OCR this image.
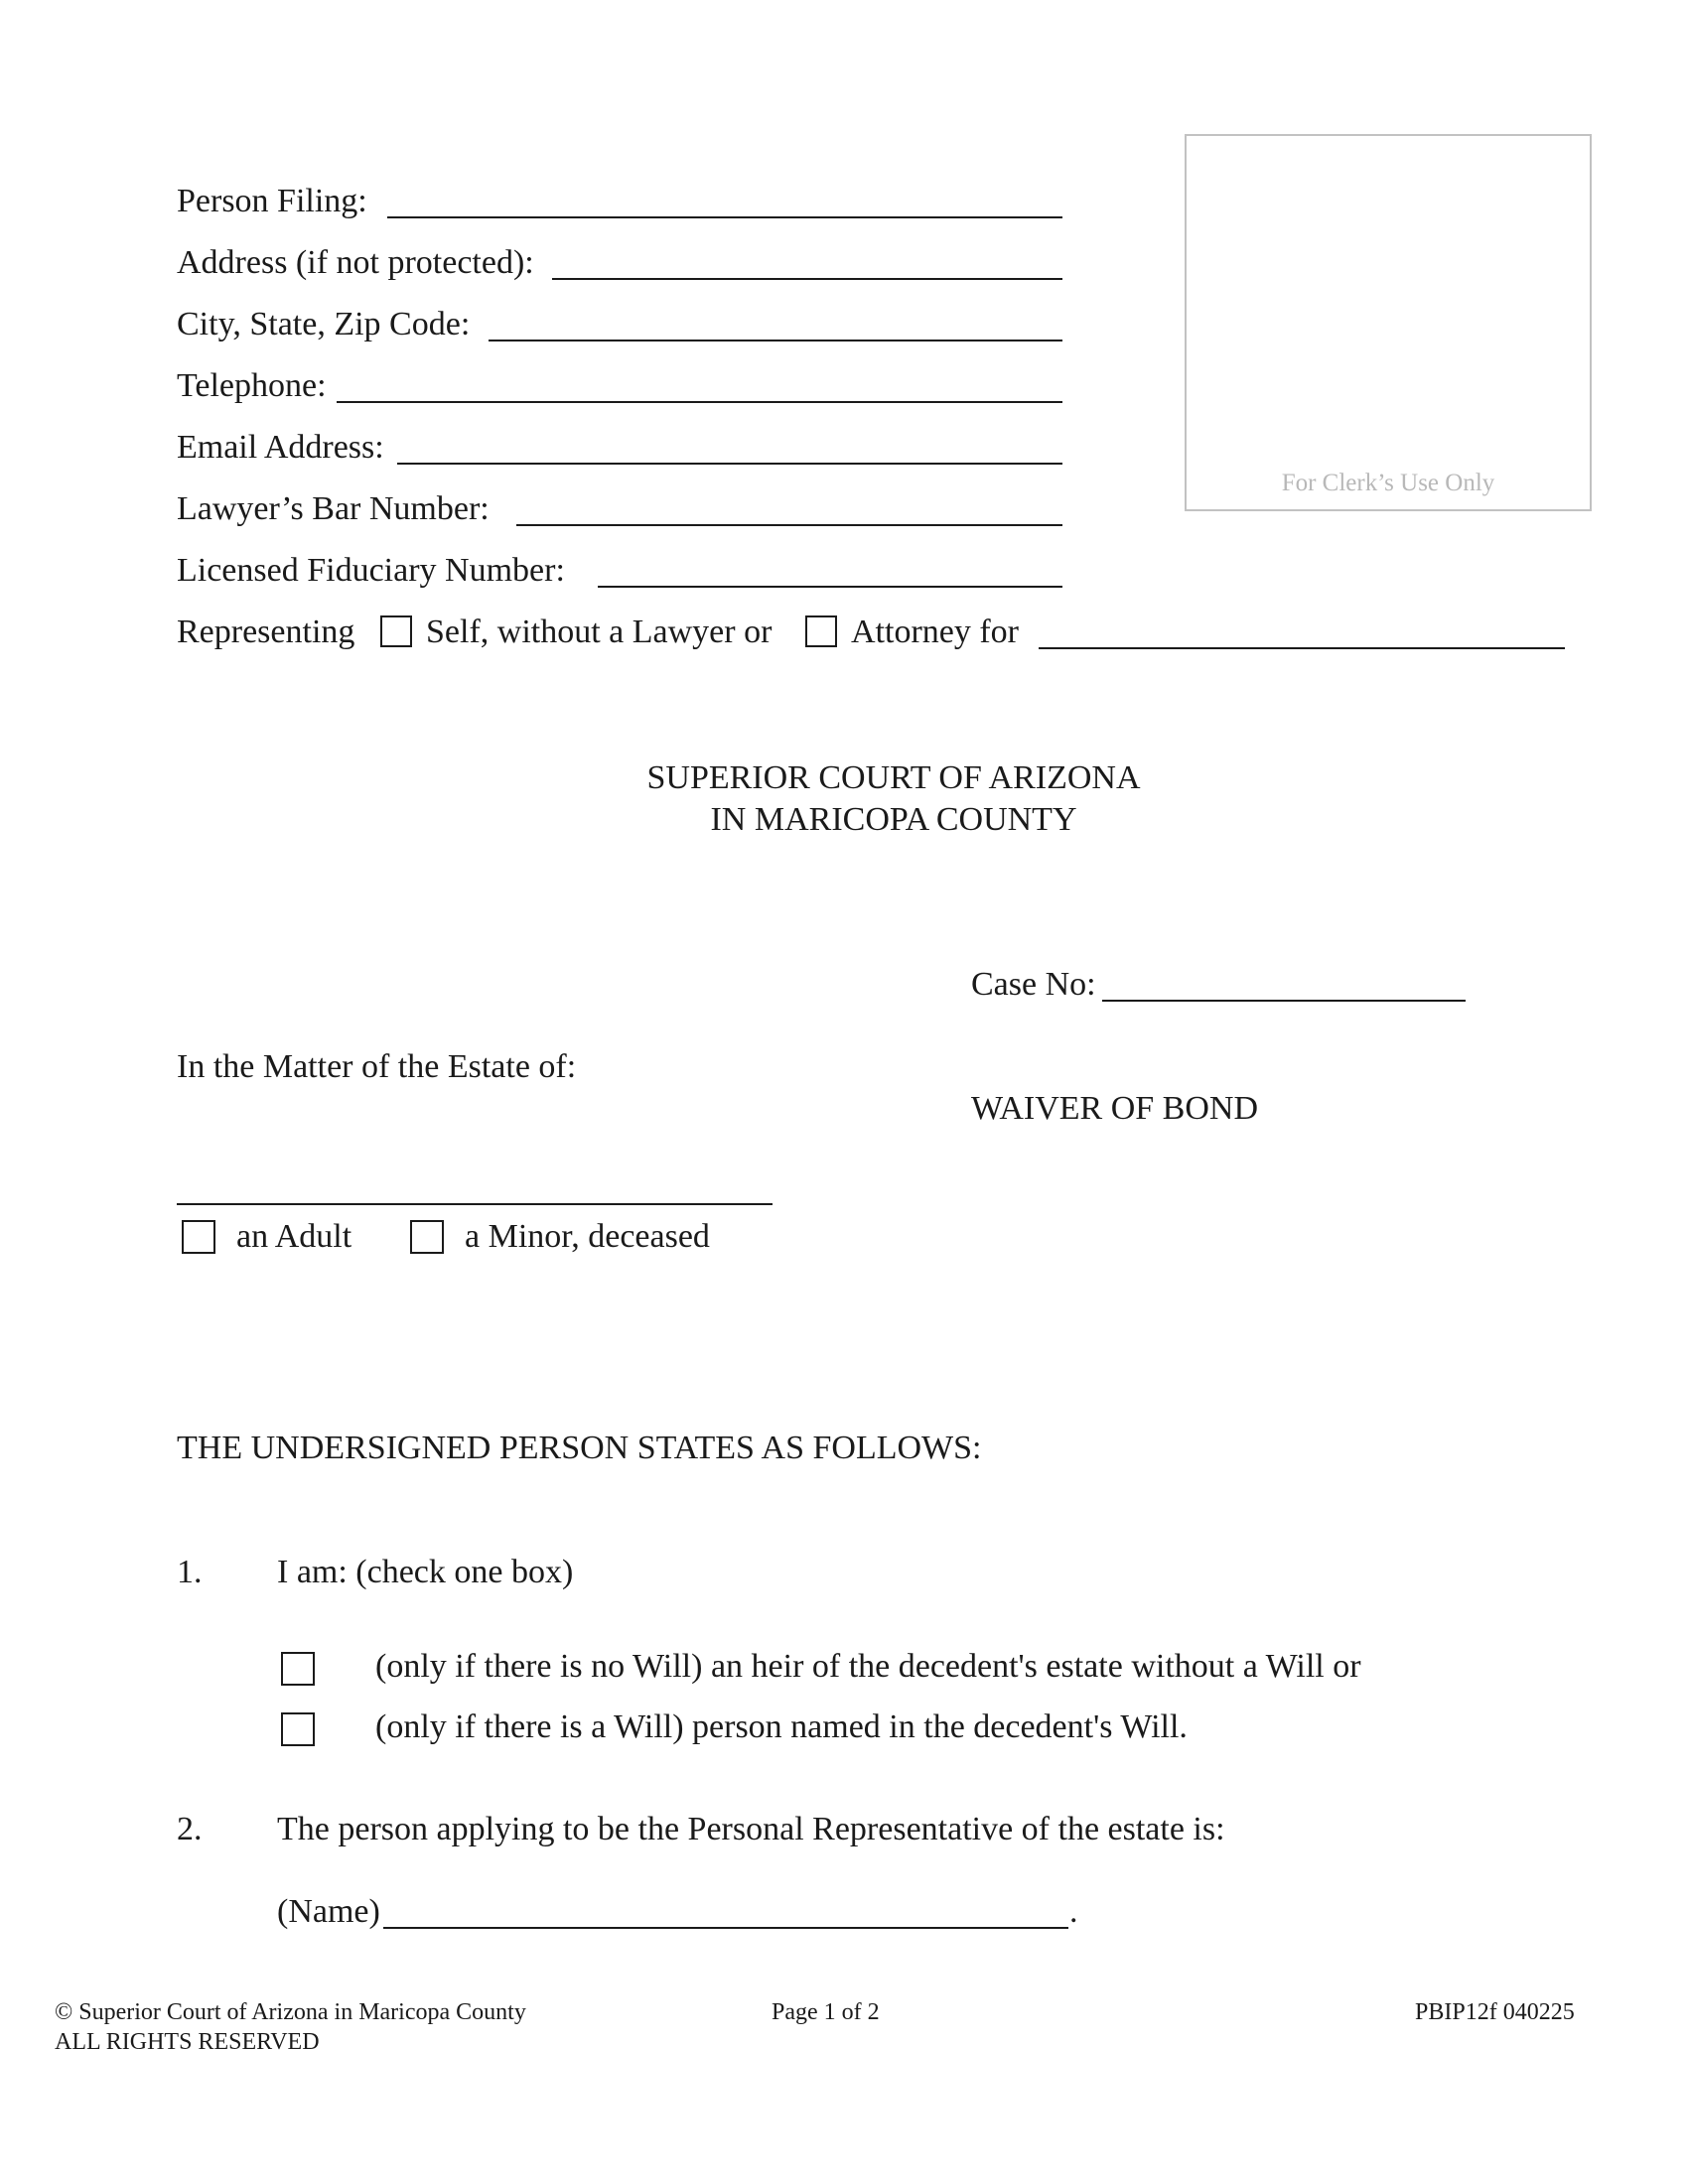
Person Filing:
Address (if not protected):
City, State, Zip Code:
Telephone:
Email Address:
Lawyer’s Bar Number:
Licensed Fiduciary Number:
Representing Self, without a Lawyer or Attorney for
For Clerk’s Use Only
SUPERIOR COURT OF ARIZONA
IN MARICOPA COUNTY
Case No:
In the Matter of the Estate of:
WAIVER OF BOND
an Adult	a Minor, deceased
THE UNDERSIGNED PERSON STATES AS FOLLOWS:
1. I am: (check one box)
(only if there is no Will) an heir of the decedent's estate without a Will or
(only if there is a Will) person named in the decedent's Will.
2. The person applying to be the Personal Representative of the estate is:
(Name)	.
© Superior Court of Arizona in Maricopa County
ALL RIGHTS RESERVED
Page 1 of 2	PBIP12f 040225
